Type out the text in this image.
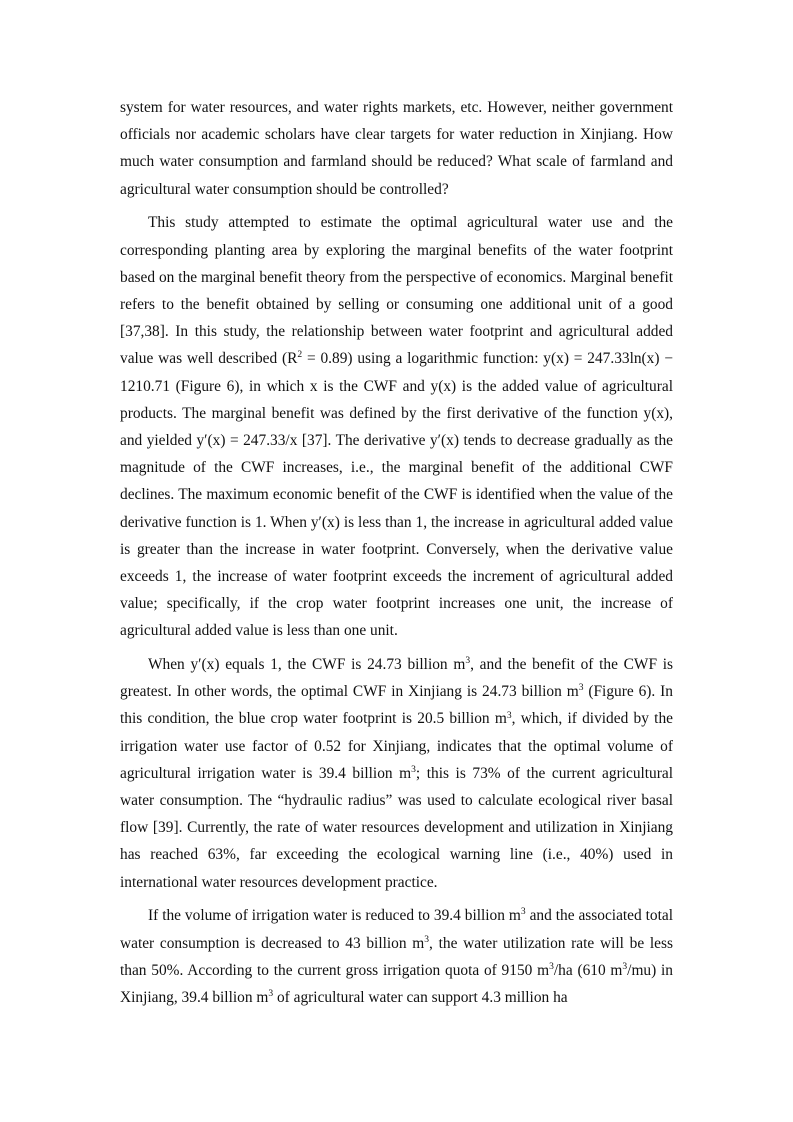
system for water resources, and water rights markets, etc. However, neither government officials nor academic scholars have clear targets for water reduction in Xinjiang. How much water consumption and farmland should be reduced? What scale of farmland and agricultural water consumption should be controlled?

This study attempted to estimate the optimal agricultural water use and the corresponding planting area by exploring the marginal benefits of the water footprint based on the marginal benefit theory from the perspective of economics. Marginal benefit refers to the benefit obtained by selling or consuming one additional unit of a good [37,38]. In this study, the relationship between water footprint and agricultural added value was well described $(R^2 = 0.89)$ using a logarithmic function: y(x) = 247.33ln(x) − 1210.71 (Figure 6), in which x is the CWF and y(x) is the added value of agricultural products. The marginal benefit was defined by the first derivative of the function y(x), and yielded y′(x) = 247.33/x [37]. The derivative y′(x) tends to decrease gradually as the magnitude of the CWF increases, i.e., the marginal benefit of the additional CWF declines. The maximum economic benefit of the CWF is identified when the value of the derivative function is 1. When y′(x) is less than 1, the increase in agricultural added value is greater than the increase in water footprint. Conversely, when the derivative value exceeds 1, the increase of water footprint exceeds the increment of agricultural added value; specifically, if the crop water footprint increases one unit, the increase of agricultural added value is less than one unit.

When y′(x) equals 1, the CWF is 24.73 billion $m^3$, and the benefit of the CWF is greatest. In other words, the optimal CWF in Xinjiang is 24.73 billion $m^3$ (Figure 6). In this condition, the blue crop water footprint is 20.5 billion $m^3$, which, if divided by the irrigation water use factor of 0.52 for Xinjiang, indicates that the optimal volume of agricultural irrigation water is 39.4 billion $m^3$; this is 73% of the current agricultural water consumption. The “hydraulic radius” was used to calculate ecological river basal flow [39]. Currently, the rate of water resources development and utilization in Xinjiang has reached 63%, far exceeding the ecological warning line (i.e., 40%) used in international water resources development practice.

If the volume of irrigation water is reduced to 39.4 billion $m^3$ and the associated total water consumption is decreased to 43 billion $m^3$, the water utilization rate will be less than 50%. According to the current gross irrigation quota of 9150 $m^3/ha$ (610 $m^3/mu$) in Xinjiang, 39.4 billion $m^3$ of agricultural water can support 4.3 million ha
